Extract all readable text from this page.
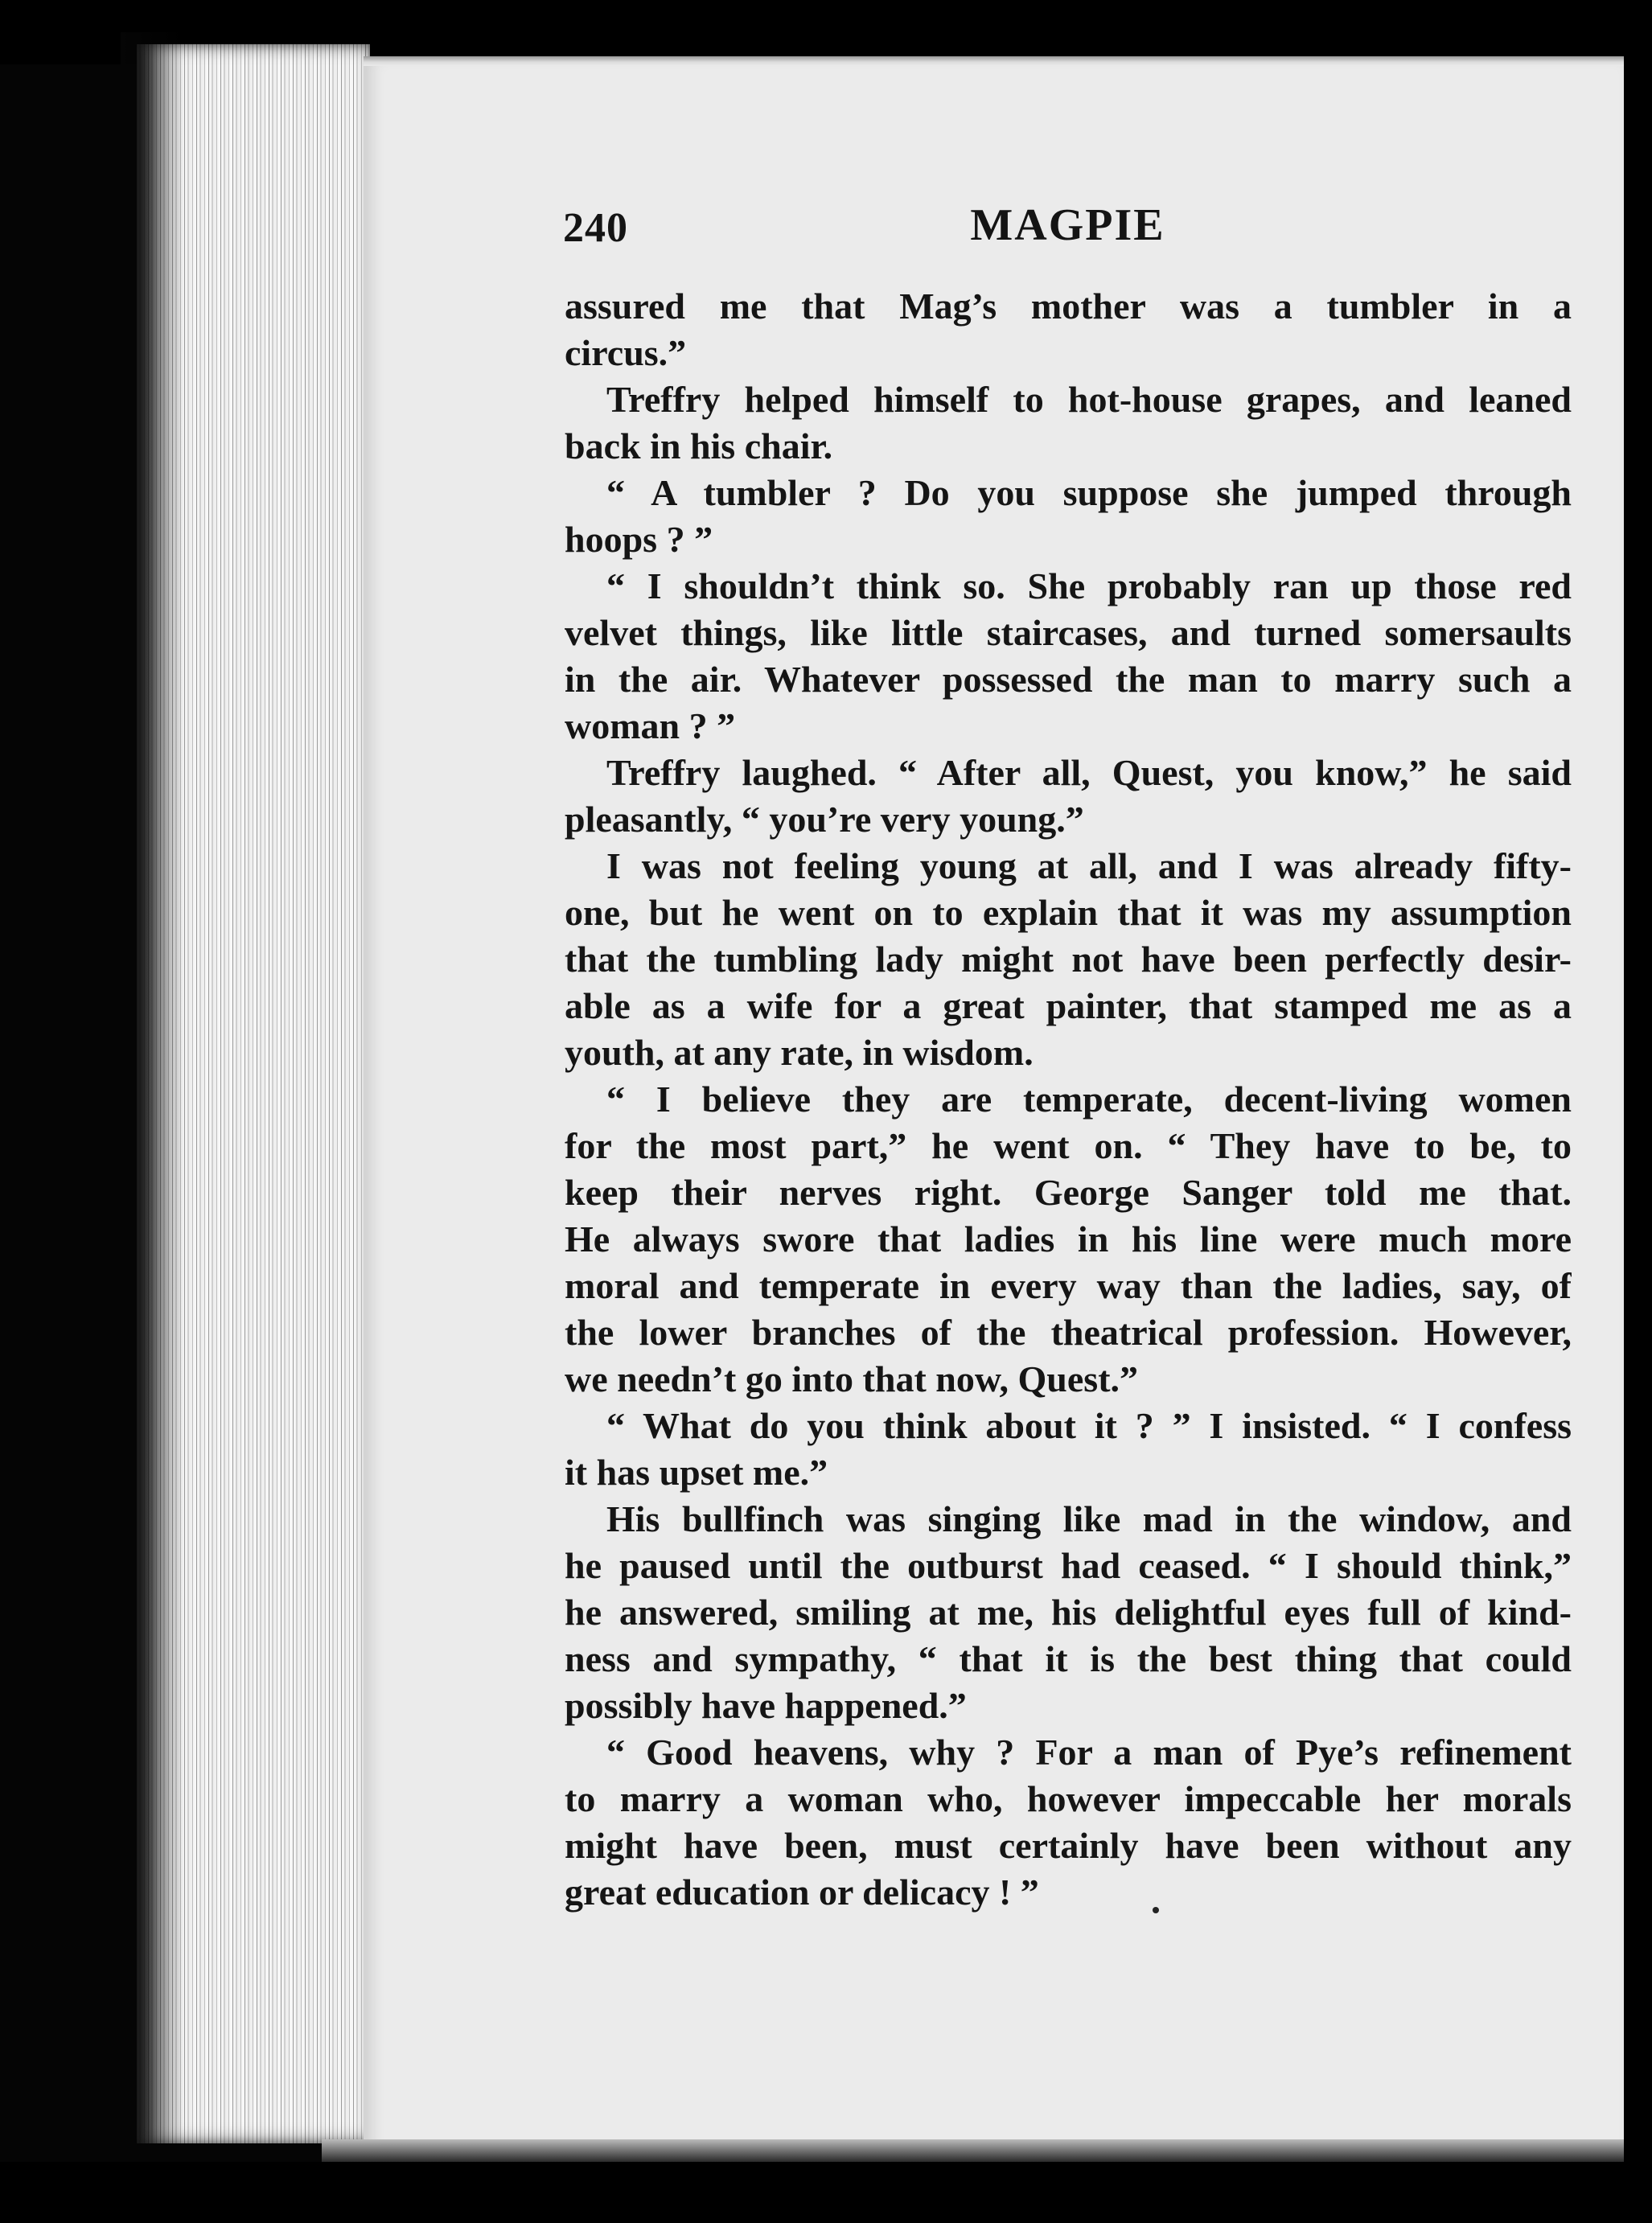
240	MAGPIE
assured me that Mag’s mother was a tumbler in a
circus.”
Treffry helped himself to hot-house grapes, and leaned
back in his chair.
“ A tumbler ? Do you suppose she jumped through
hoops ? ”
“ I shouldn’t think so. She probably ran up those red
velvet things, like little staircases, and turned somersaults
in the air. Whatever possessed the man to marry such a
woman ? ”
Treffry laughed. “ After all, Quest, you know,” he said
pleasantly, “ you’re very young.”
I was not feeling young at all, and I was already fifty-
one, but he went on to explain that it was my assumption
that the tumbling lady might not have been perfectly desir-
able as a wife for a great painter, that stamped me as a
youth, at any rate, in wisdom.
“ I believe they are temperate, decent-living women
for the most part,” he went on. “ They have to be, to
keep their nerves right. George Sanger told me that.
He always swore that ladies in his line were much more
moral and temperate in every way than the ladies, say, of
the lower branches of the theatrical profession. However,
we needn’t go into that now, Quest.”
“ What do you think about it ? ” I insisted. “ I confess
it has upset me.”
His bullfinch was singing like mad in the window, and
he paused until the outburst had ceased. “ I should think,”
he answered, smiling at me, his delightful eyes full of kind-
ness and sympathy, “ that it is the best thing that could
possibly have happened.”
“ Good heavens, why ? For a man of Pye’s refinement
to marry a woman who, however impeccable her morals
might have been, must certainly have been without any
great education or delicacy ! ”
